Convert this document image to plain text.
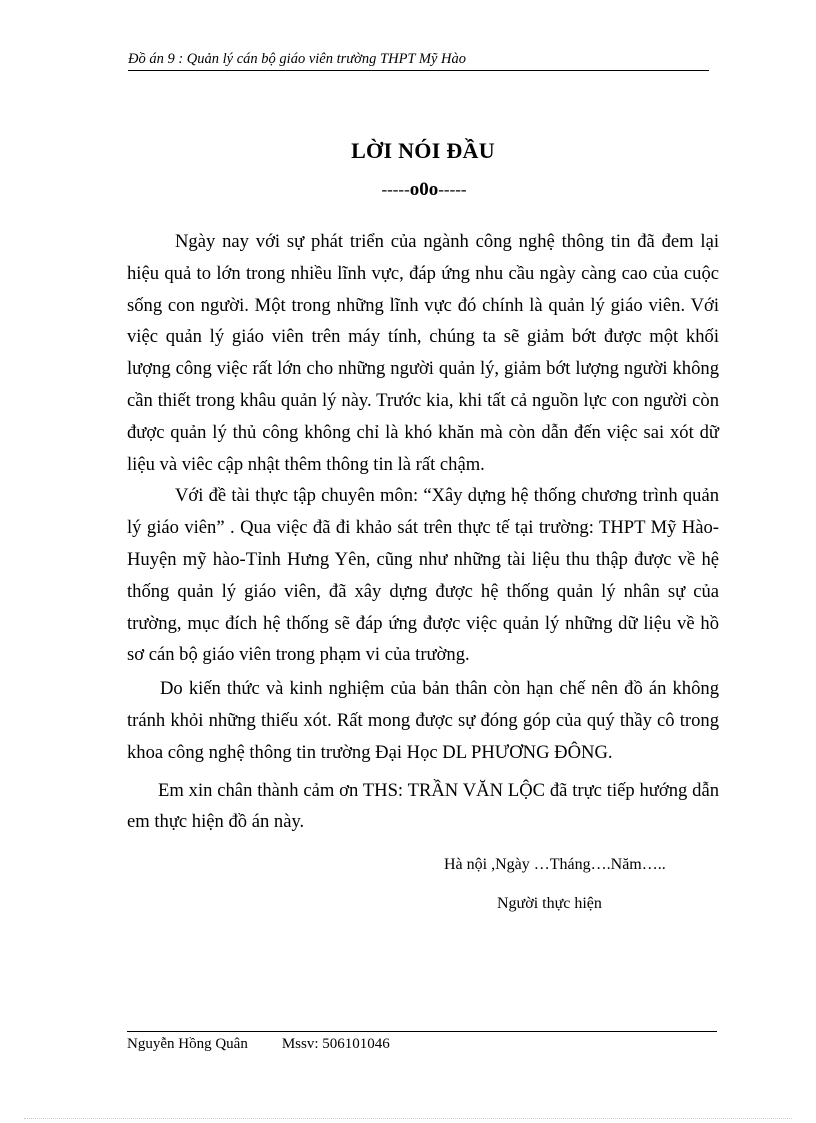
Đồ án 9 : Quản lý cán bộ giáo viên trường THPT Mỹ Hào
LỜI NÓI ĐẦU
-----o0o-----

Ngày nay với sự phát triển của ngành công nghệ thông tin đã đem lại hiệu quả to lớn trong nhiều lĩnh vực, đáp ứng nhu cầu ngày càng cao của cuộc sống con người. Một trong những lĩnh vực đó chính là quản lý giáo viên. Với việc quản lý giáo viên trên máy tính, chúng ta sẽ giảm bớt được một khối lượng công việc rất lớn cho những người quản lý, giảm bớt lượng người không cần thiết trong khâu quản lý này. Trước kia, khi tất cả nguồn lực con người còn được quản lý thủ công không chỉ là khó khăn mà còn dẫn đến việc sai xót dữ liệu và viêc cập nhật thêm thông tin là rất chậm.

Với đề tài thực tập chuyên môn: “Xây dựng hệ thống chương trình quản lý giáo viên” . Qua việc đã đi khảo sát trên thực tế tại trường: THPT Mỹ Hào-Huyện mỹ hào-Tỉnh Hưng Yên, cũng như những tài liệu thu thập được về hệ thống quản lý giáo viên, đã xây dựng được hệ thống quản lý nhân sự của trường, mục đích hệ thống sẽ đáp ứng được việc quản lý những dữ liệu về hồ sơ cán bộ giáo viên trong phạm vi của trường.

Do kiến thức và kinh nghiệm của bản thân còn hạn chế nên đồ án không tránh khỏi những thiếu xót. Rất mong được sự đóng góp của quý thầy cô trong khoa công nghệ thông tin trường Đại Học DL PHƯƠNG ĐÔNG.

Em xin chân thành cảm ơn THS: TRẦN VĂN LỘC đã trực tiếp hướng dẫn em thực hiện đồ án này.

Hà nội ,Ngày …Tháng….Năm…..
Người thực hiện
Nguyễn Hồng Quân Mssv: 506101046
